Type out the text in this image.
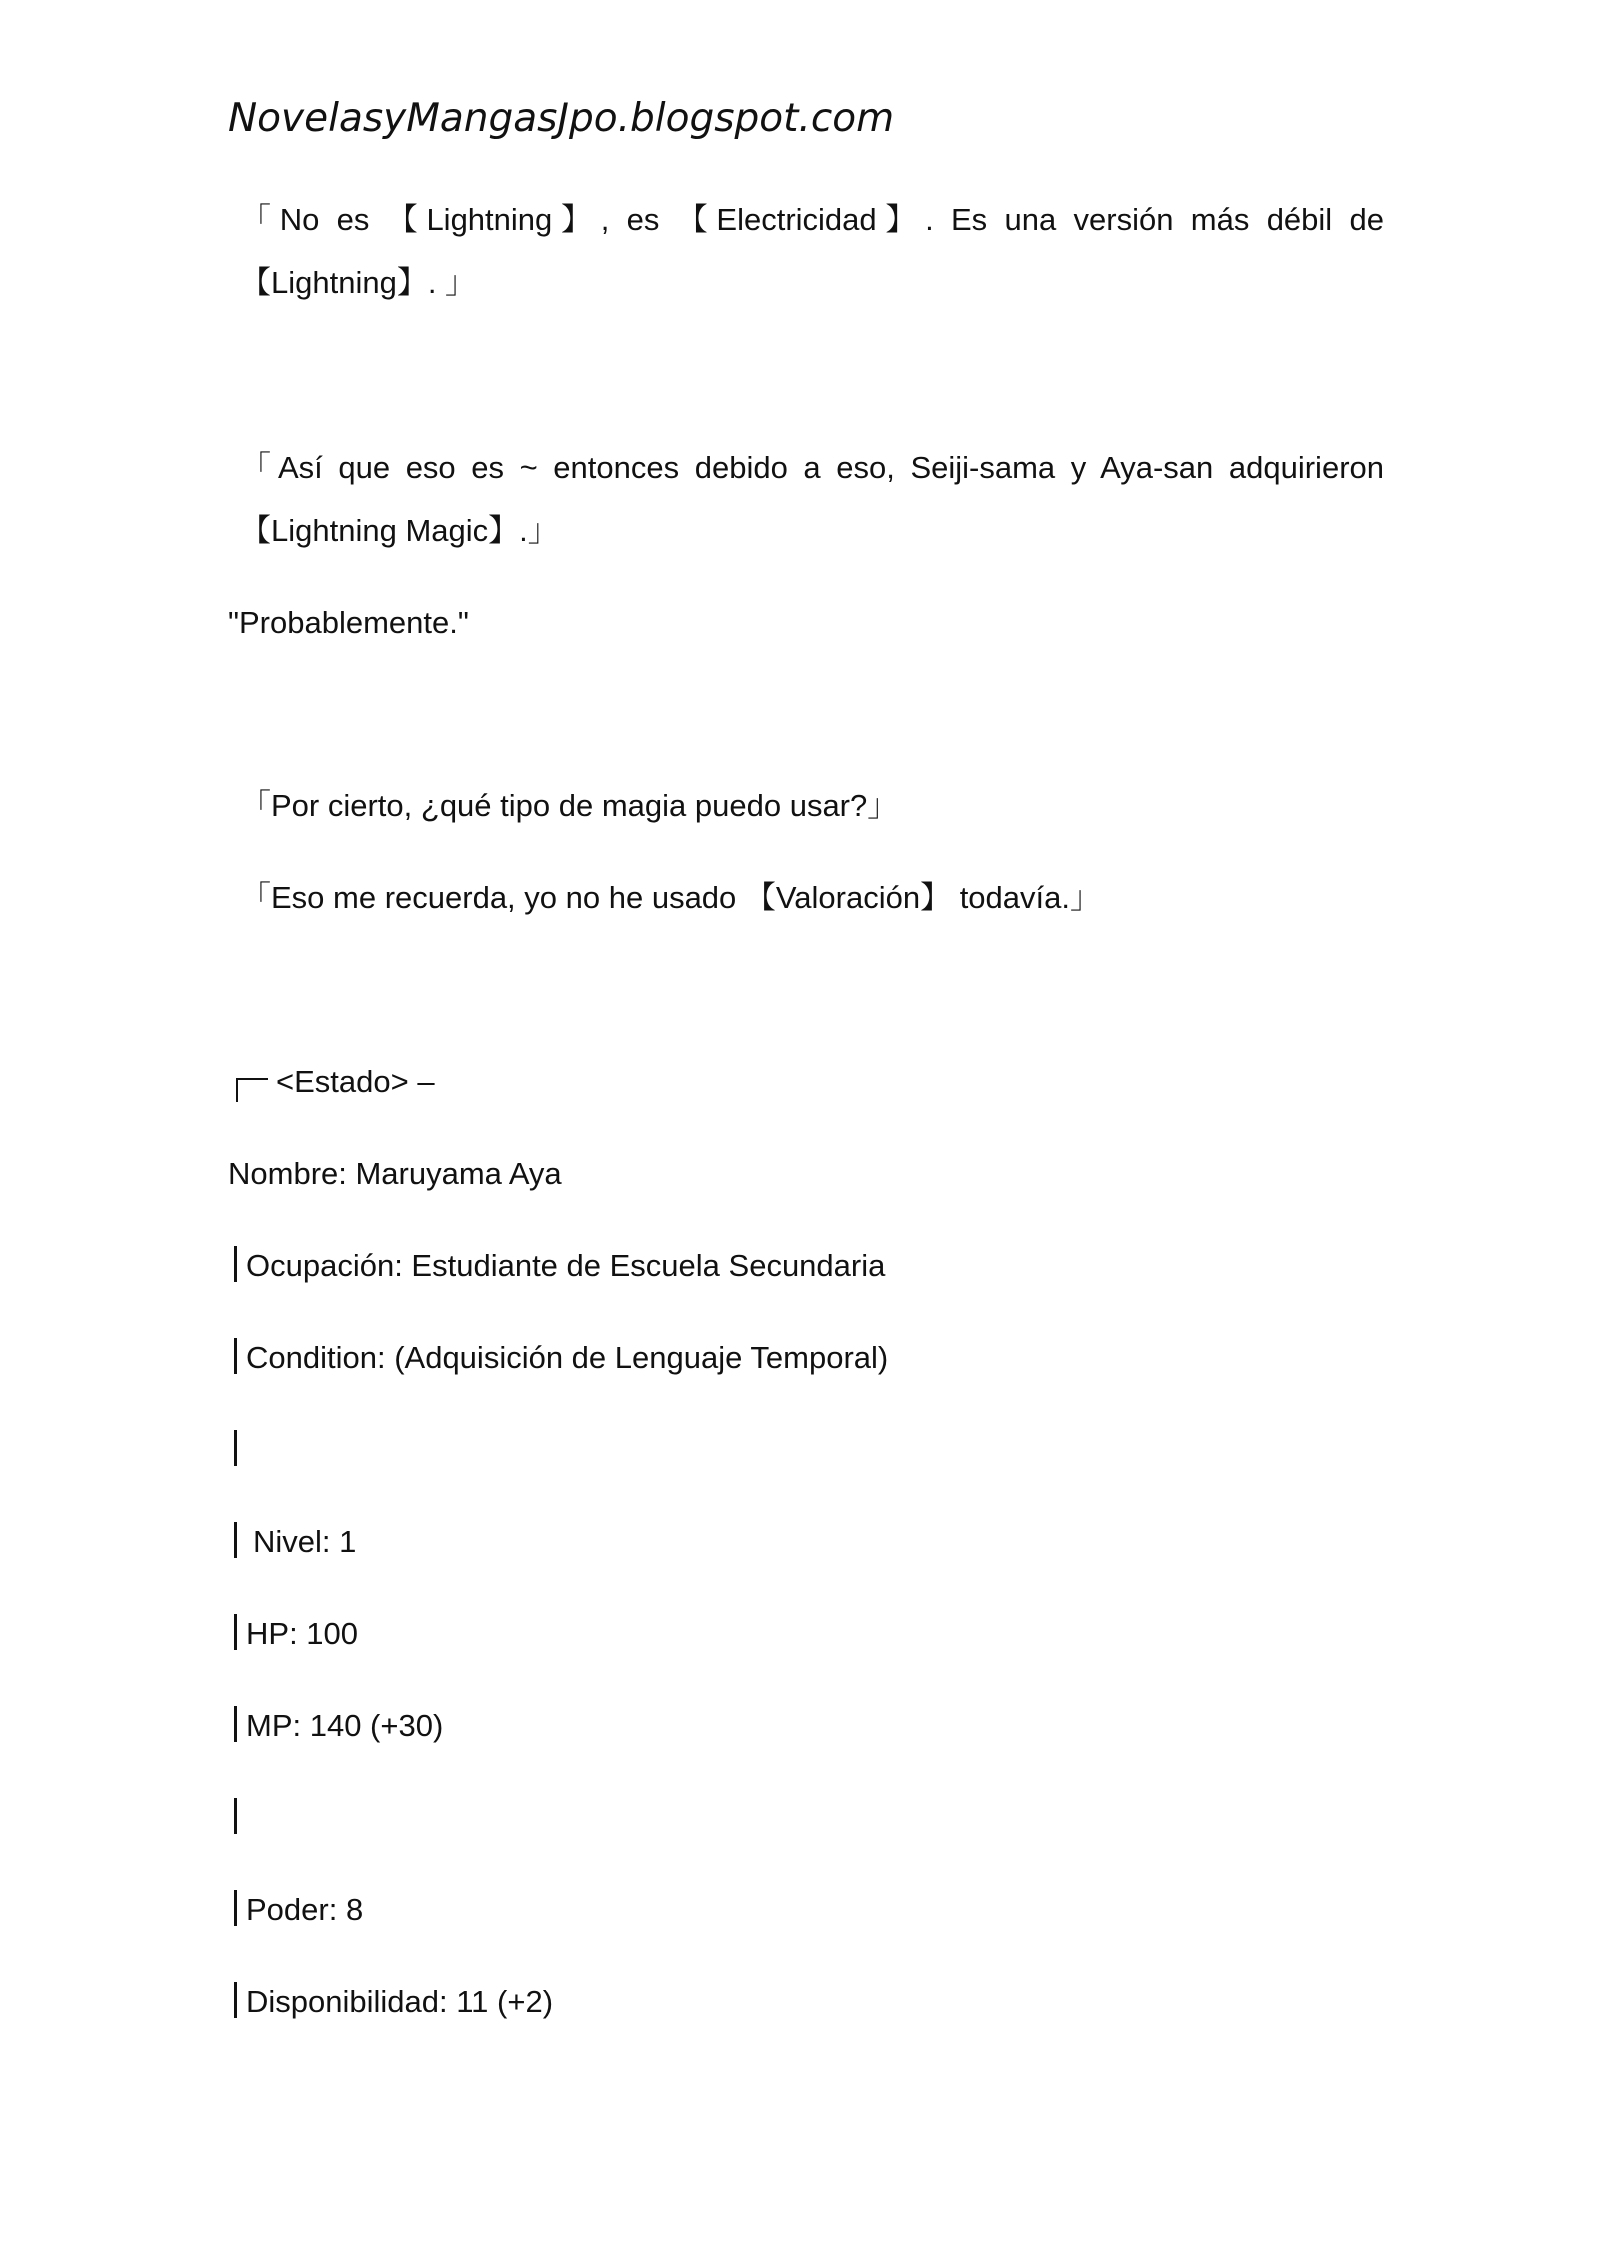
NovelasyMangasJpo.blogspot.com
「No es 【Lightning】, es 【Electricidad】. Es una versión más débil de
【Lightning】. 」
「Así que eso es ~ entonces debido a eso, Seiji-sama y Aya-san adquirieron
【Lightning Magic】.」
"Probablemente."
「Por cierto, ¿qué tipo de magia puedo usar?」
「Eso me recuerda, yo no he usado 【Valoración】 todavía.」
<Estado> –
Nombre: Maruyama Aya
Ocupación: Estudiante de Escuela Secundaria
Condition: (Adquisición de Lenguaje Temporal)
Nivel: 1
HP: 100
MP: 140 (+30)
Poder: 8
Disponibilidad: 11 (+2)
